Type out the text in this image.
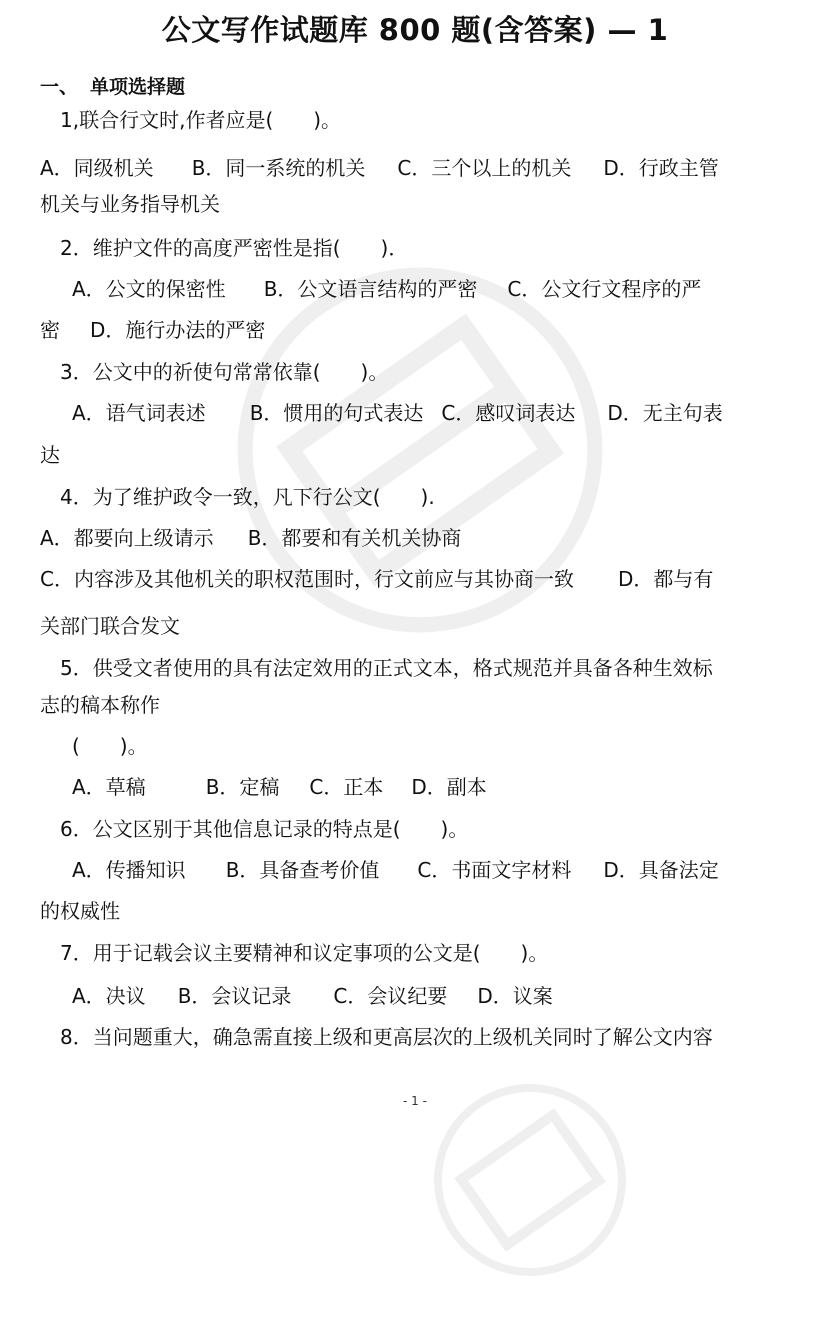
公文写作试题库 800 题(含答案) — 1
一、 单项选择题
1,联合行文时,作者应是(　　)。
A．同级机关 B．同一系统的机关 C．三个以上的机关 D．行政主管
机关与业务指导机关
2．维护文件的高度严密性是指(　　)．
A．公文的保密性 B．公文语言结构的严密 C．公文行文程序的严
密 D．施行办法的严密
3．公文中的祈使句常常依靠(　　)。
A．语气词表述 B．惯用的句式表达 C．感叹词表达 D．无主句表
达
4．为了维护政令一致，凡下行公文(　　).
A．都要向上级请示 B．都要和有关机关协商
C．内容涉及其他机关的职权范围时，行文前应与其协商一致 D．都与有
关部门联合发文
5．供受文者使用的具有法定效用的正式文本，格式规范并具备各种生效标
志的稿本称作
(　　)。
A．草稿	B．定稿 C．正本 D．副本
6．公文区别于其他信息记录的特点是(　　)。
A．传播知识 B．具备查考价值 C．书面文字材料 D．具备法定
的权威性
7．用于记载会议主要精神和议定事项的公文是(　　)。
A．决议 B．会议记录 C．会议纪要 D．议案
8．当问题重大，确急需直接上级和更高层次的上级机关同时了解公文内容
- 1 -
